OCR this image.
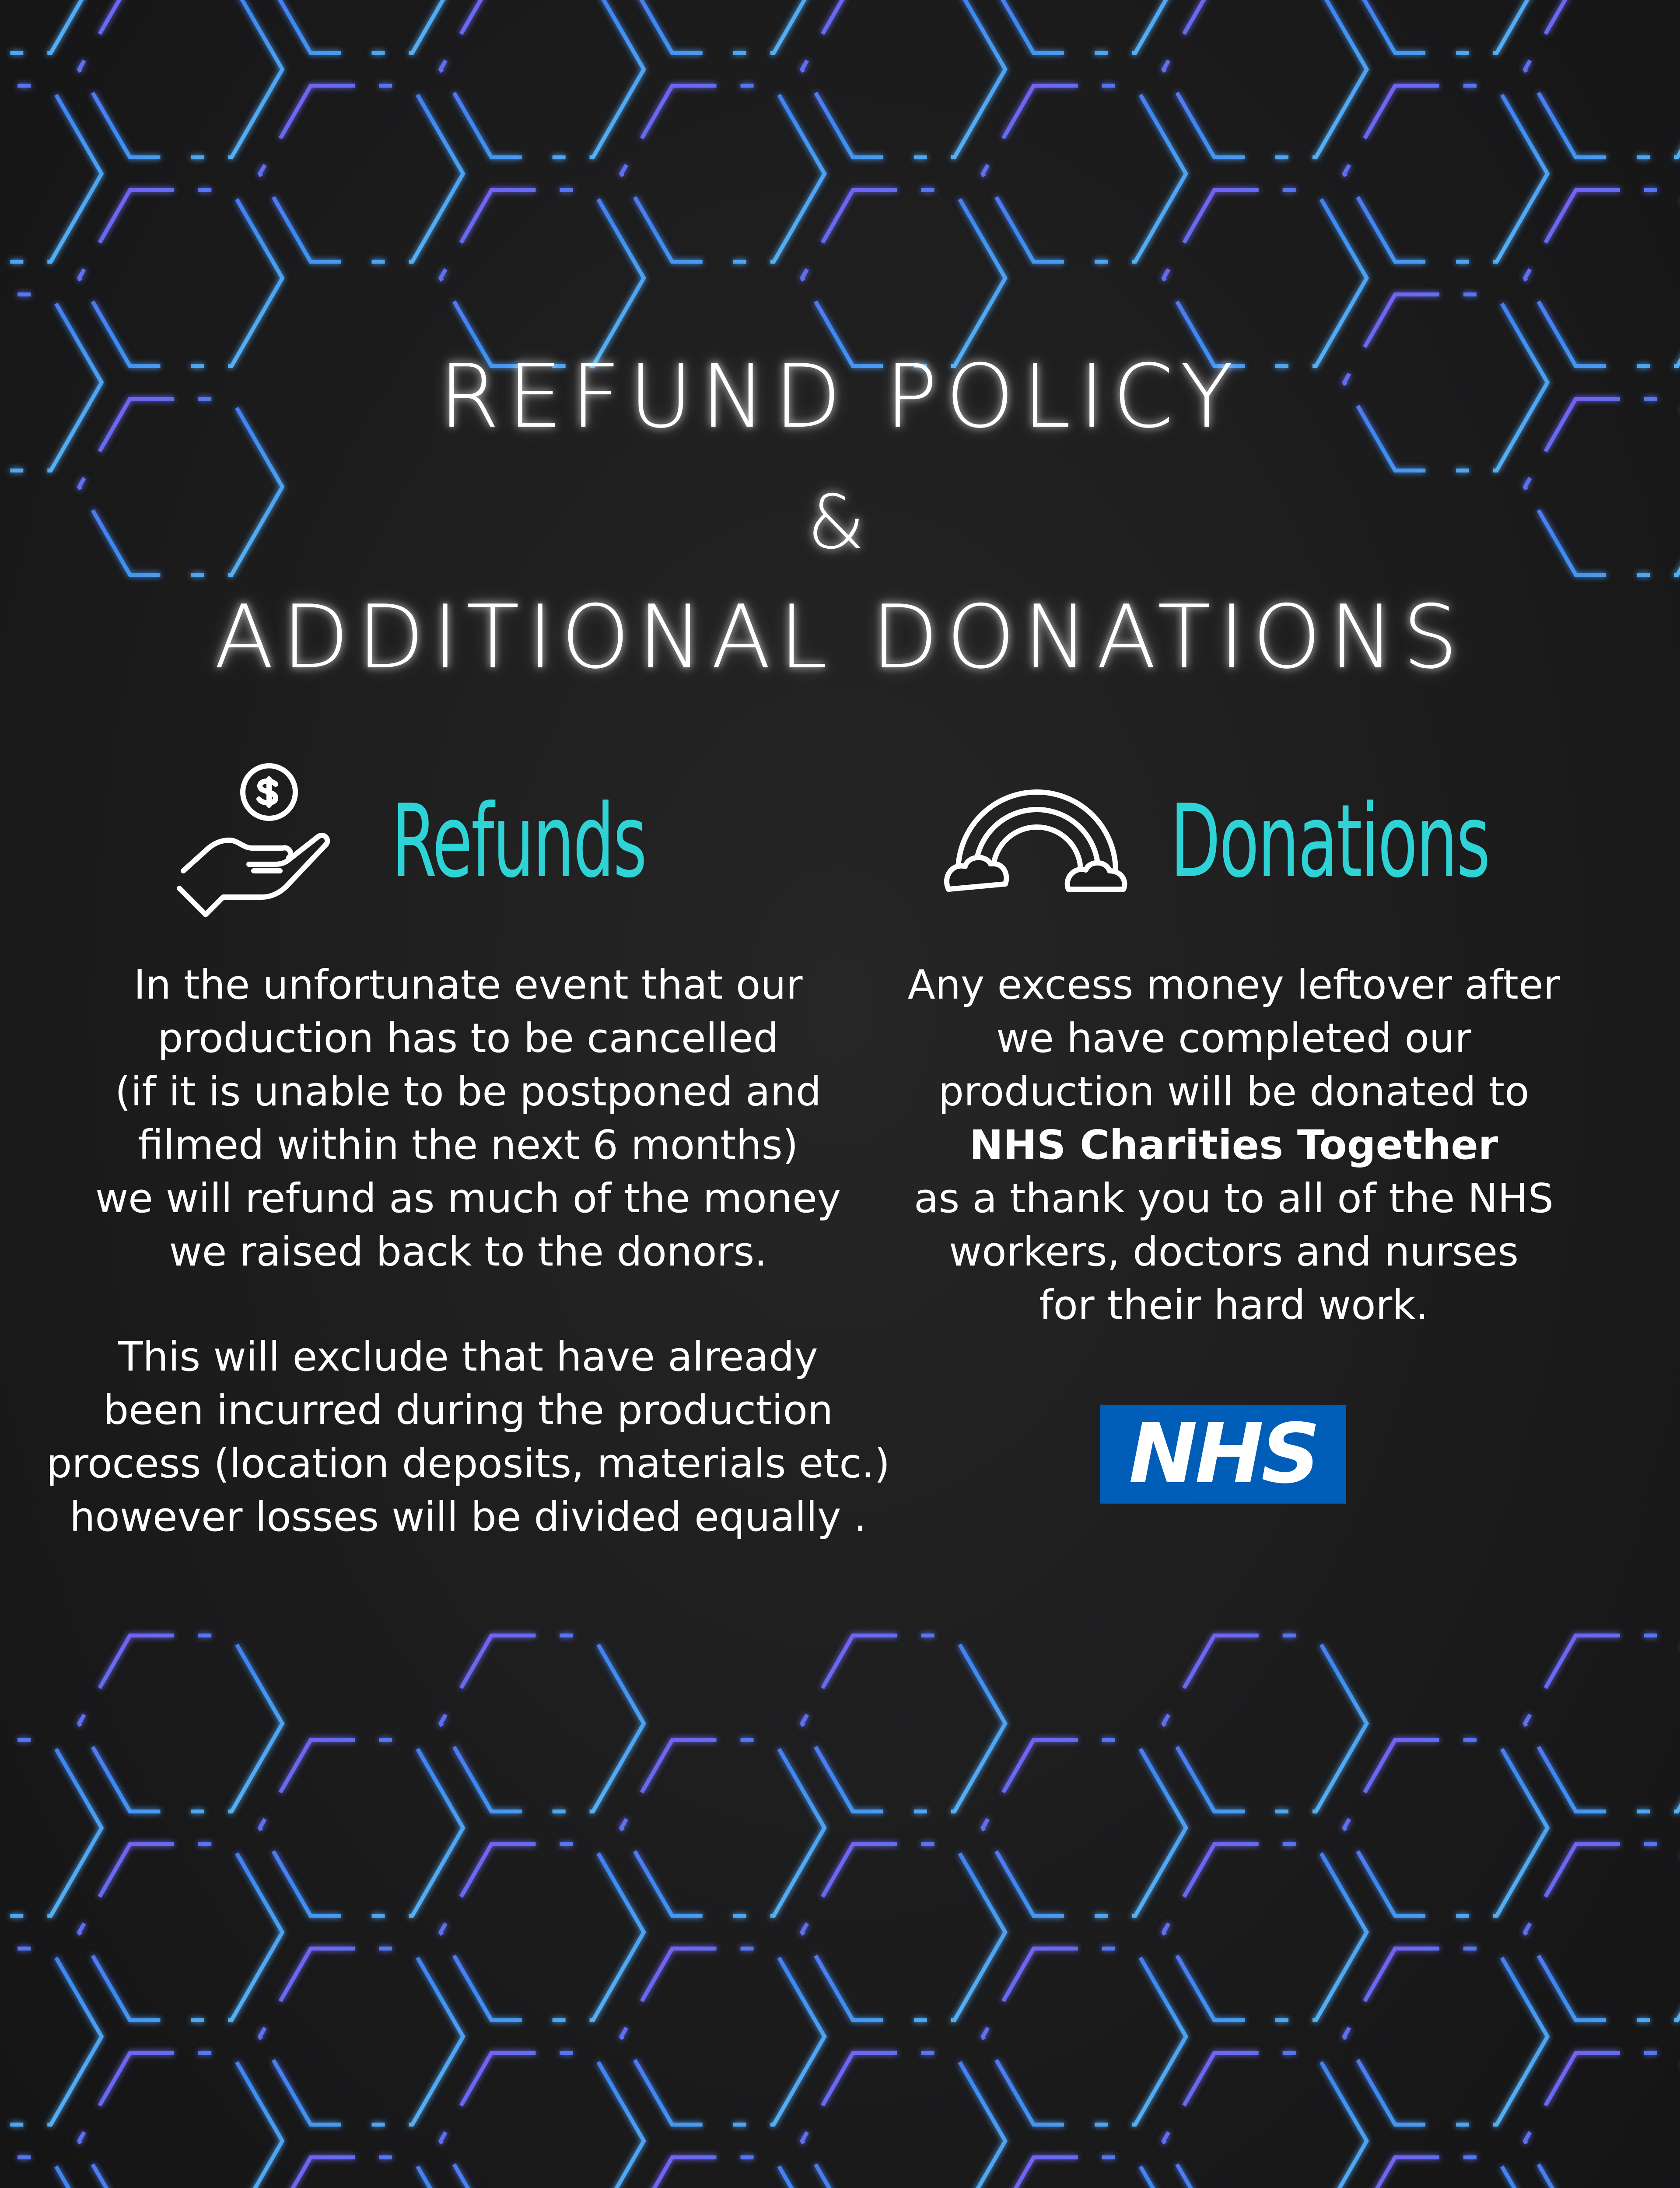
REFUND POLICY
&
ADDITIONAL DONATIONS
Refunds	Donations
In the unfortunate event that our
production has to be cancelled
(if it is unable to be postponed and
filmed within the next 6 months)
we will refund as much of the money
we raised back to the donors.
This will exclude that have already
been incurred during the production
process (location deposits, materials etc.)
however losses will be divided equally .
Any excess money leftover after
we have completed our
production will be donated to
NHS Charities Together
as a thank you to all of the NHS
workers, doctors and nurses
for their hard work.
NHS
